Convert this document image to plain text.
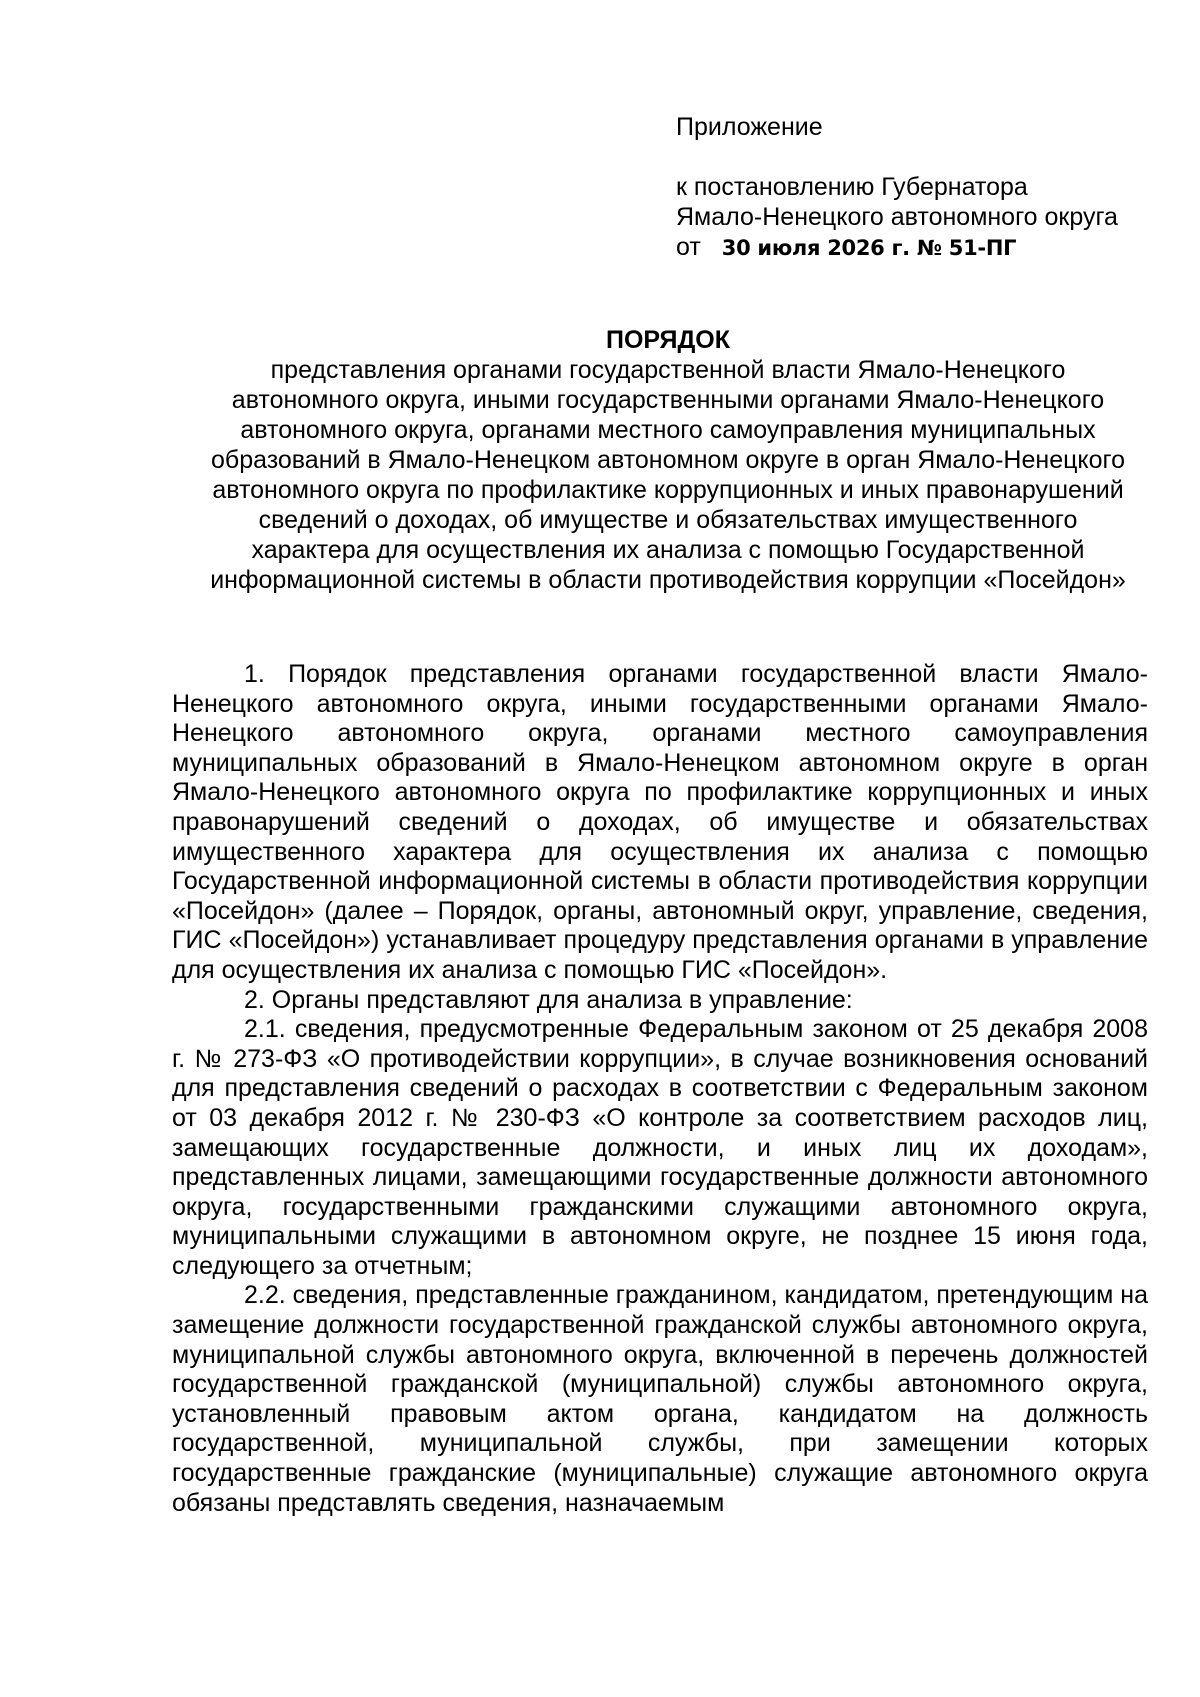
Приложение
к постановлению Губернатора
Ямало-Ненецкого автономного округа
от 30 июля 2026 г. № 51-ПГ
ПОРЯДОК
представления органами государственной власти Ямало-Ненецкого
автономного округа, иными государственными органами Ямало-Ненецкого
автономного округа, органами местного самоуправления муниципальных
образований в Ямало-Ненецком автономном округе в орган Ямало-Ненецкого
автономного округа по профилактике коррупционных и иных правонарушений
сведений о доходах, об имуществе и обязательствах имущественного
характера для осуществления их анализа с помощью Государственной
информационной системы в области противодействия коррупции «Посейдон»

1. Порядок представления органами государственной власти Ямало-Ненецкого автономного округа, иными государственными органами Ямало-Ненецкого автономного округа, органами местного самоуправления муниципальных образований в Ямало-Ненецком автономном округе в орган Ямало-Ненецкого автономного округа по профилактике коррупционных и иных правонарушений сведений о доходах, об имуществе и обязательствах имущественного характера для осуществления их анализа с помощью Государственной информационной системы в области противодействия коррупции «Посейдон» (далее – Порядок, органы, автономный округ, управление, сведения, ГИС «Посейдон») устанавливает процедуру представления органами в управление для осуществления их анализа с помощью ГИС «Посейдон».

2. Органы представляют для анализа в управление:

2.1. сведения, предусмотренные Федеральным законом от 25 декабря 2008 г. № 273-ФЗ «О противодействии коррупции», в случае возникновения оснований для представления сведений о расходах в соответствии с Федеральным законом от 03 декабря 2012 г. № 230-ФЗ «О контроле за соответствием расходов лиц, замещающих государственные должности, и иных лиц их доходам», представленных лицами, замещающими государственные должности автономного округа, государственными гражданскими служащими автономного округа, муниципальными служащими в автономном округе, не позднее 15 июня года, следующего за отчетным;

2.2. сведения, представленные гражданином, кандидатом, претендующим на замещение должности государственной гражданской службы автономного округа, муниципальной службы автономного округа, включенной в перечень должностей государственной гражданской (муниципальной) службы автономного округа, установленный правовым актом органа, кандидатом на должность государственной, муниципальной службы, при замещении которых государственные гражданские (муниципальные) служащие автономного округа обязаны представлять сведения, назначаемым
